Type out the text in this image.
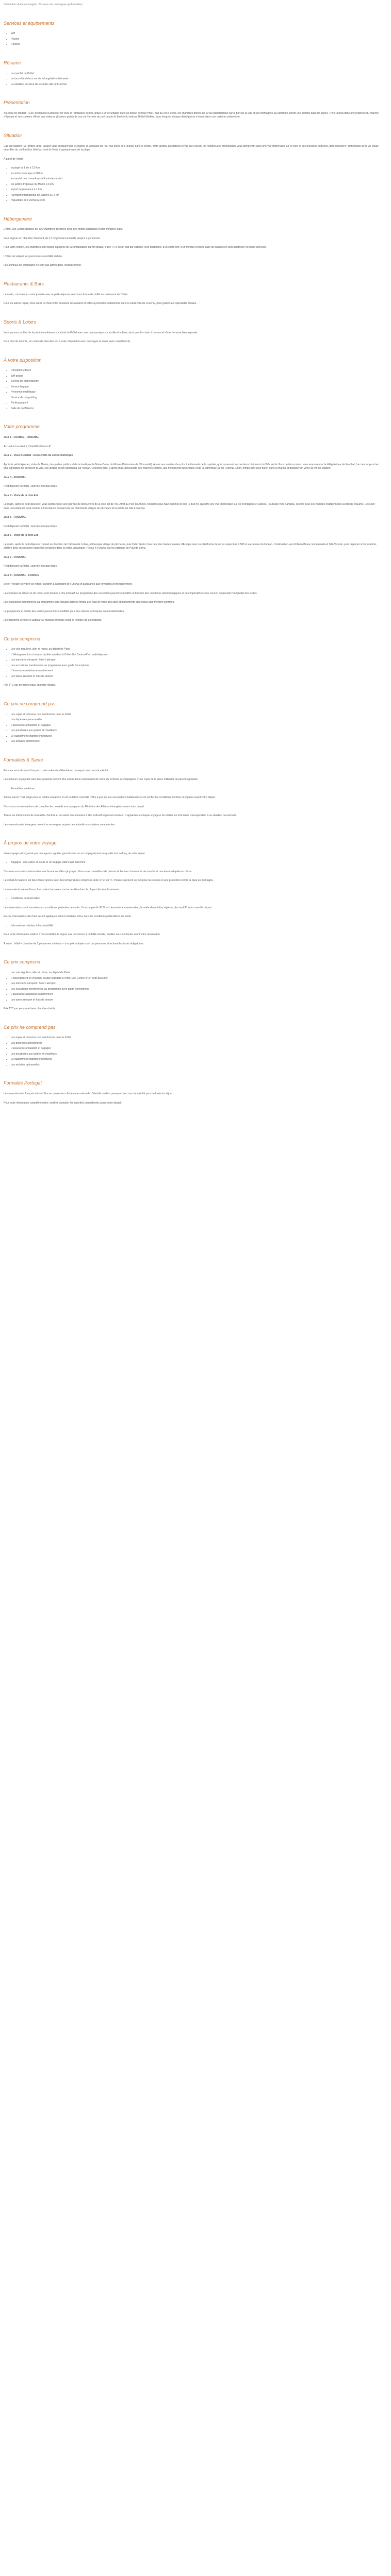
Description d'une compagnie : Ce sera une compagnie qui formaliser.

Services et équipements
• Wifi
• Piscine
• Parking
Résumé
• Le marché de l'hôtel
• Le tour et le dehors sur de la longévité entérinante
• La situation au cœur de la vieille ville de Funchal
Présentation

Au cœur de Madère, l'Éloi, découvrez la douceur de vivre et l'ambiance de l'île, grâce à la vie urbaine dans un départ de tout l'hôtel. Bâti au XIXe siècle, les chambres dotées de la vue panoramique sur le port de la ville et ses montagnes au alentours seront une parfaite base de séjour. The Funchal dans une propriété du marché d'époque et ses couleurs offrent aux visiteurs plusieurs points de vue sur l'arrivée du port depuis la fenêtre du balcon, l'hôtel Madère, dans lesquels chaque détail pensé s'inscrit dans une certaine authenticité.

Situation

Cap sur Madère ! À l'ombre large, laissez-vous conquérir par le charme et la beauté de l'île. Aux côtés de Funchal, dans le centre, entre jardins, plantations et vue sur l'océan, les nombreuses promenades vous plongeront dans une vue imprenable sur le relief et ses terrasses cultivées, pour découvrir l'authenticité de la vie locale et profiter du confort d'un hôtel au bord de l'eau, à quelques pas de la plage.

À partir de l'hôtel :

• la plage du Lido à 2,5 km
• le centre historique à 500 m
• le marché des Lavradores à 5 minutes à pied
• les jardins tropicaux du Monte à 6 km
• le port de plaisance à 1 km
• l'aéroport international de Madère à 17 km
• l'Aqueduto de Funchal à 4 km
Hébergement

L'hôtel Eloi Centro dispose de 106 chambres décorées avec des motifs classiques et des meubles clairs.

Vous logerez en chambre Standard, de 17 m² pouvant accueillir jusqu'à 2 personnes.

Pour votre confort, les chambres sont toutes équipées de la climatisation, du wifi gratuit, d'une TV à écran plat par satellite, d'un téléphone, d'un coffre-fort, d'un minibar et d'une salle de bain privée avec baignoire et sèche-cheveux.

L'hôtel est adapté aux personnes à mobilité réduite.

Les animaux de compagnie ne sont pas admis dans l'établissement.

Restaurants & Bars

Le matin, commencez votre journée avec le petit-déjeuner servi sous forme de buffet au restaurant de l'hôtel.

Pour les autres repas, vous aurez le choix entre plusieurs restaurants et cafés à proximité, notamment dans la vieille ville de Funchal, pour goûter aux spécialités locales.

Sports & Loisirs

Vous pourrez profiter de la piscine extérieure sur le toit de l'hôtel avec vue panoramique sur la ville et la baie, ainsi que d'un bain à remous et d'une terrasse bien exposée.

Pour plus de détente, un centre de bien-être est à votre disposition avec massages et soins (avec supplément).

À votre disposition
• Réception 24h/24
• Wifi gratuit
• Service de blanchisserie
• Service bagage
• Personnel multilingue
• Service de baby-sitting
• Parking payant
• Salle de conférence
Votre programme

Jour 1 - FRANCE - FUNCHAL

Accueil et transfert à l'hôtel Eloi Centro 4*.

Jour 2 - Vieux Funchal - Découverte du centre historique

Après le petit-déjeuner, visite de Monte, des jardins publics et de la basilique de Notre-Dame du Monte (Patrimoine de l'Humanité). Accès aux quartiers les plus traditionnels de la capitale, qui conservent encore leurs bâtiments du XVe siècle. Pour certains points, vous emprunterez le téléphérique de Funchal, l'un des moyens les plus agréables de découvrir la ville, ses jardins et son panorama sur l'océan. Déjeuner libre. L'après-midi, découverte des marchés colorés, des monuments historiques et de la cathédrale Sé de Funchal. Enfin, temps libre pour flâner dans la marina et déguster un verre de vin de Madère.

Jour 3 - FUNCHAL

Petit déjeuner à l'hôtel. Journée et repas libres.

Jour 4 - Visite de la côte Est

Le matin, après le petit-déjeuner, vous partirez pour une journée de découverte de la côte est de l'île. Arrêt au Pico do Arieiro, troisième plus haut sommet de l'île (1 818 m), qui offre une vue imprenable sur les montagnes et vallées. Poursuite vers Santana, célèbre pour ses maisons traditionnelles au toit de chaume. Déjeuner dans un restaurant local. Retour à Funchal en passant par les charmants villages de pêcheurs et la pointe de São Lourenço.

Jour 5 - FUNCHAL

Petit déjeuner à l'hôtel. Journée et repas libres.

Jour 6 - Visite de la côte Est

Le matin, après le petit-déjeuner, départ en direction de Câmara de Lobos, pittoresque village de pêcheurs, puis Cabo Girão, l'une des plus hautes falaises d'Europe avec sa plateforme de verre suspendue à 580 m au-dessus de l'océan. Continuation vers Ribeira Brava, Encumeada et São Vicente, puis déjeuner à Porto Moniz, célèbre pour ses piscines naturelles creusées dans la roche volcanique. Retour à Funchal par les plateaux de Paúl da Serra.

Jour 7 - FUNCHAL

Petit déjeuner à l'hôtel. Journée et repas libres.

Jour 8 - FUNCHAL - FRANCE

Selon l'horaire de votre vol retour, transfert à l'aéroport de Funchal et assistance aux formalités d'enregistrement.

Les horaires de départ et de retour sont donnés à titre indicatif. Le programme des excursions peut être modifié en fonction des conditions météorologiques et des impératifs locaux, tout en respectant l'intégralité des visites.

Les excursions mentionnées au programme sont incluses dans le forfait. Les frais de visite des sites et monuments sont inclus sauf mention contraire.

Le programme et l'ordre des visites peuvent être modifiés pour des raisons techniques ou opérationnelles.

Les transferts se font en autocar ou minibus climatisé selon le nombre de participants.

Ce prix comprend
• Les vols réguliers, aller et retour, au départ de Paris
• L'hébergement en chambre double standard à l'hôtel Eloi Centro 4* en petit-déjeuner
• Les transferts aéroport / hôtel / aéroport
• Les excursions mentionnées au programme avec guide francophone
• L'assurance assistance rapatriement
• Les taxes aéroport et frais de dossier

Prix TTC par personne base chambre double.

Ce prix ne comprend pas
• Les repas et boissons non mentionnés dans le forfait
• Les dépenses personnelles
• L'assurance annulation et bagages
• Les pourboires aux guides et chauffeurs
• Le supplément chambre individuelle
• Les activités optionnelles
Formalités & Santé

Pour les ressortissants français : carte nationale d'identité ou passeport en cours de validité.

Les mineurs voyageant sans leurs parents doivent être munis d'une autorisation de sortie du territoire accompagnée d'une copie de la pièce d'identité du parent signataire.

• Formalités sanitaires

Aucun vaccin n'est exigé pour se rendre à Madère. Il est toutefois conseillé d'être à jour de ses vaccinations habituelles et de vérifier les conditions d'entrée en vigueur avant votre départ.

Nous vous recommandons de consulter les conseils aux voyageurs du Ministère des Affaires étrangères avant votre départ.

Toutes les informations de formalités d'entrée et de santé sont données à titre indicatif et peuvent évoluer. Il appartient à chaque voyageur de vérifier les formalités correspondant à sa situation personnelle.

Les ressortissants étrangers doivent se renseigner auprès des autorités consulaires compétentes.

À propos de votre voyage

Votre voyage est organisé par une agence agréée, garantissant un accompagnement de qualité tout au long de votre séjour.

• Bagages : une valise en soute et un bagage cabine par personne

Certaines excursions nécessitent une bonne condition physique. Nous vous conseillons de prévoir de bonnes chaussures de marche et une tenue adaptée au climat.

Le climat de Madère est doux toute l'année avec des températures comprises entre 17 et 26 °C. Pensez à prévoir un pull pour les soirées et une protection contre la pluie en montagne.

La monnaie locale est l'euro. Les cartes bancaires sont acceptées dans la plupart des établissements.

• Conditions de réservation

Les réservations sont soumises aux conditions générales de vente. Un acompte de 30 % est demandé à la réservation, le solde devant être réglé au plus tard 30 jours avant le départ.

En cas d'annulation, des frais seront appliqués selon le barème prévu dans les conditions particulières de vente.

• Informations relatives à l'accessibilité

Pour toute information relative à l'accessibilité du séjour aux personnes à mobilité réduite, veuillez nous contacter avant votre réservation.

À noter : hôtel = chambre de 2 personnes minimum – Les prix indiqués sont par personne et incluent les taxes obligatoires.

Ce prix comprend
• Les vols réguliers, aller et retour, au départ de Paris
• L'hébergement en chambre double standard à l'hôtel Eloi Centro 4* en petit-déjeuner
• Les transferts aéroport / hôtel / aéroport
• Les excursions mentionnées au programme avec guide francophone
• L'assurance assistance rapatriement
• Les taxes aéroport et frais de dossier

Prix TTC par personne base chambre double.

Ce prix ne comprend pas
• Les repas et boissons non mentionnés dans le forfait
• Les dépenses personnelles
• L'assurance annulation et bagages
• Les pourboires aux guides et chauffeurs
• Le supplément chambre individuelle
• Les activités optionnelles
Formalité Portugal

Les ressortissants français doivent être en possession d'une carte nationale d'identité ou d'un passeport en cours de validité pour la durée du séjour.

Pour toute information complémentaire, veuillez consulter les autorités compétentes avant votre départ.
